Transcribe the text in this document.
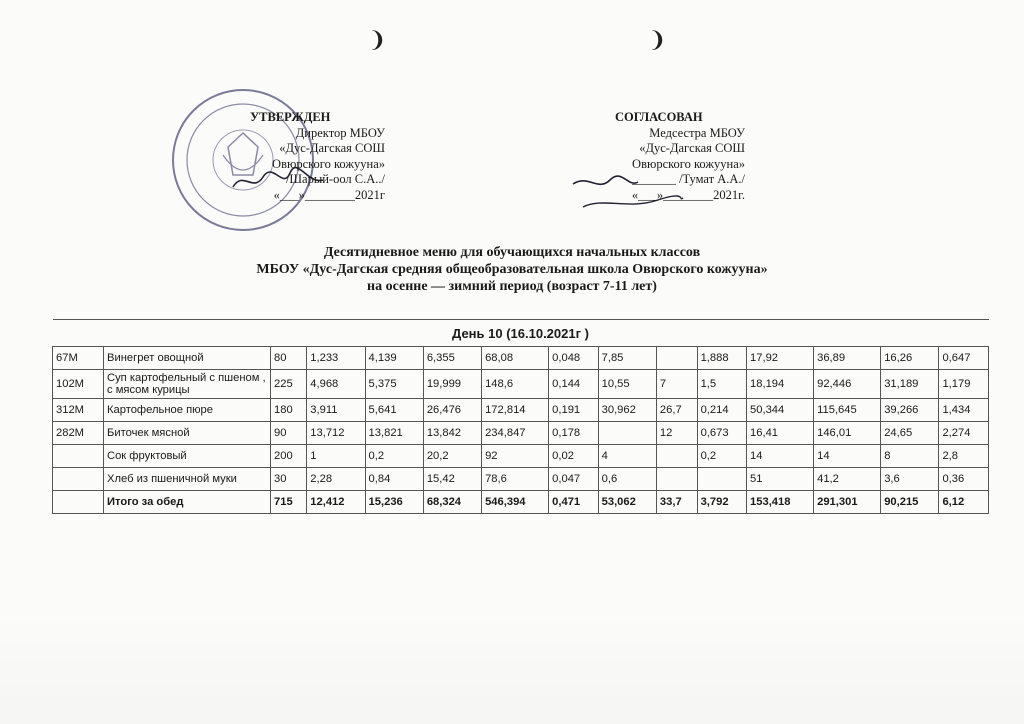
❩	❩
УТВЕРЖДЕН
Директор МБОУ
«Дус-Дагская СОШ
Овюрского кожууна»
/Шарый-оол С.А../
«___»________2021г
СОГЛАСОВАН
Медсестра МБОУ
«Дус-Дагская СОШ
Овюрского кожууна»
_______ /Тумат А.А./
«___»________2021г.
Десятидневное меню для обучающихся начальных классов
МБОУ «Дус-Дагская средняя общеобразовательная школа Овюрского кожууна»
на осенне — зимний период (возраст 7-11 лет)
День 10 (16.10.2021г )														
67М	Винегрет овощной	80	1,233	4,139	6,355	68,08	0,048	7,85		1,888	17,92	36,89	16,26	0,647
102М	Суп картофельный с пшеном , с мясом курицы	225	4,968	5,375	19,999	148,6	0,144	10,55	7	1,5	18,194	92,446	31,189	1,179
312М	Картофельное пюре	180	3,911	5,641	26,476	172,814	0,191	30,962	26,7	0,214	50,344	115,645	39,266	1,434
282М	Биточек мясной	90	13,712	13,821	13,842	234,847	0,178		12	0,673	16,41	146,01	24,65	2,274
	Сок фруктовый	200	1	0,2	20,2	92	0,02	4		0,2	14	14	8	2,8
	Хлеб из пшеничной муки	30	2,28	0,84	15,42	78,6	0,047	0,6			51	41,2	3,6	0,36
	Итого за обед	715	12,412	15,236	68,324	546,394	0,471	53,062	33,7	3,792	153,418	291,301	90,215	6,12
